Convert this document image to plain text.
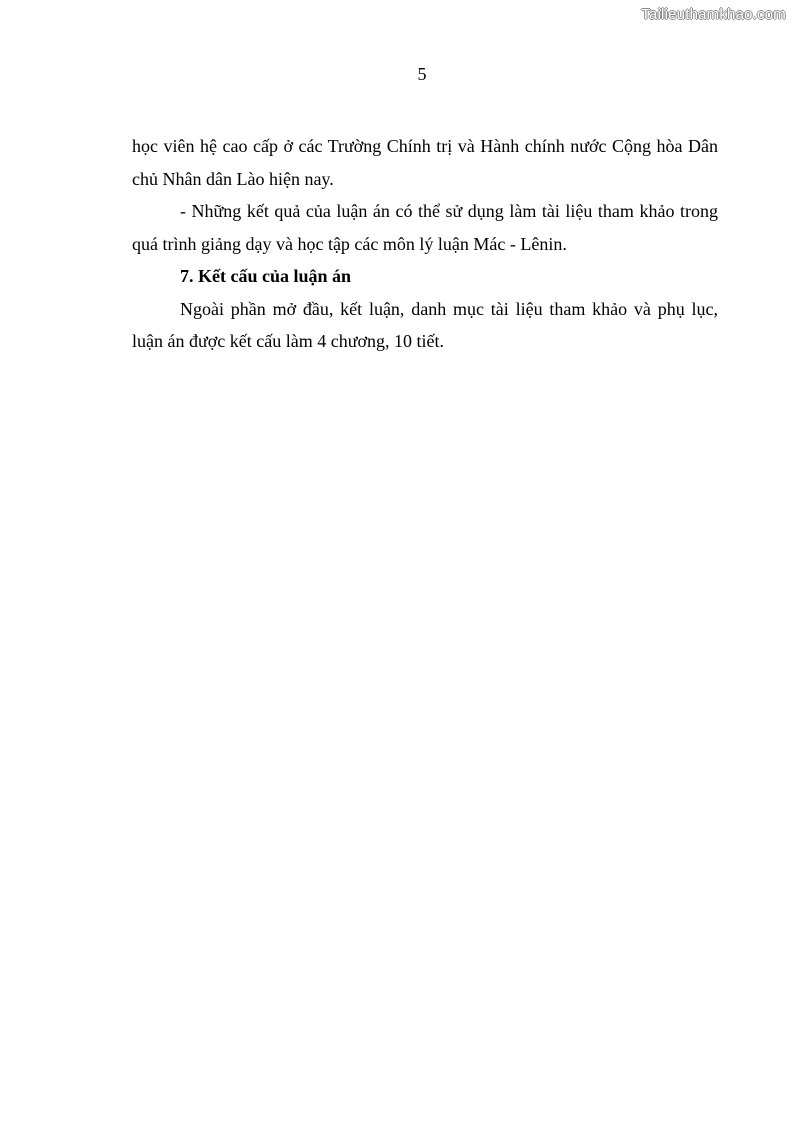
Tailieuthamkhao.com
5

học viên hệ cao cấp ở các Trường Chính trị và Hành chính nước Cộng hòa Dân chủ Nhân dân Lào hiện nay.

- Những kết quả của luận án có thể sử dụng làm tài liệu tham khảo trong quá trình giảng dạy và học tập các môn lý luận Mác - Lênin.

7. Kết cấu của luận án

Ngoài phần mở đầu, kết luận, danh mục tài liệu tham khảo và phụ lục, luận án được kết cấu làm 4 chương, 10 tiết.
